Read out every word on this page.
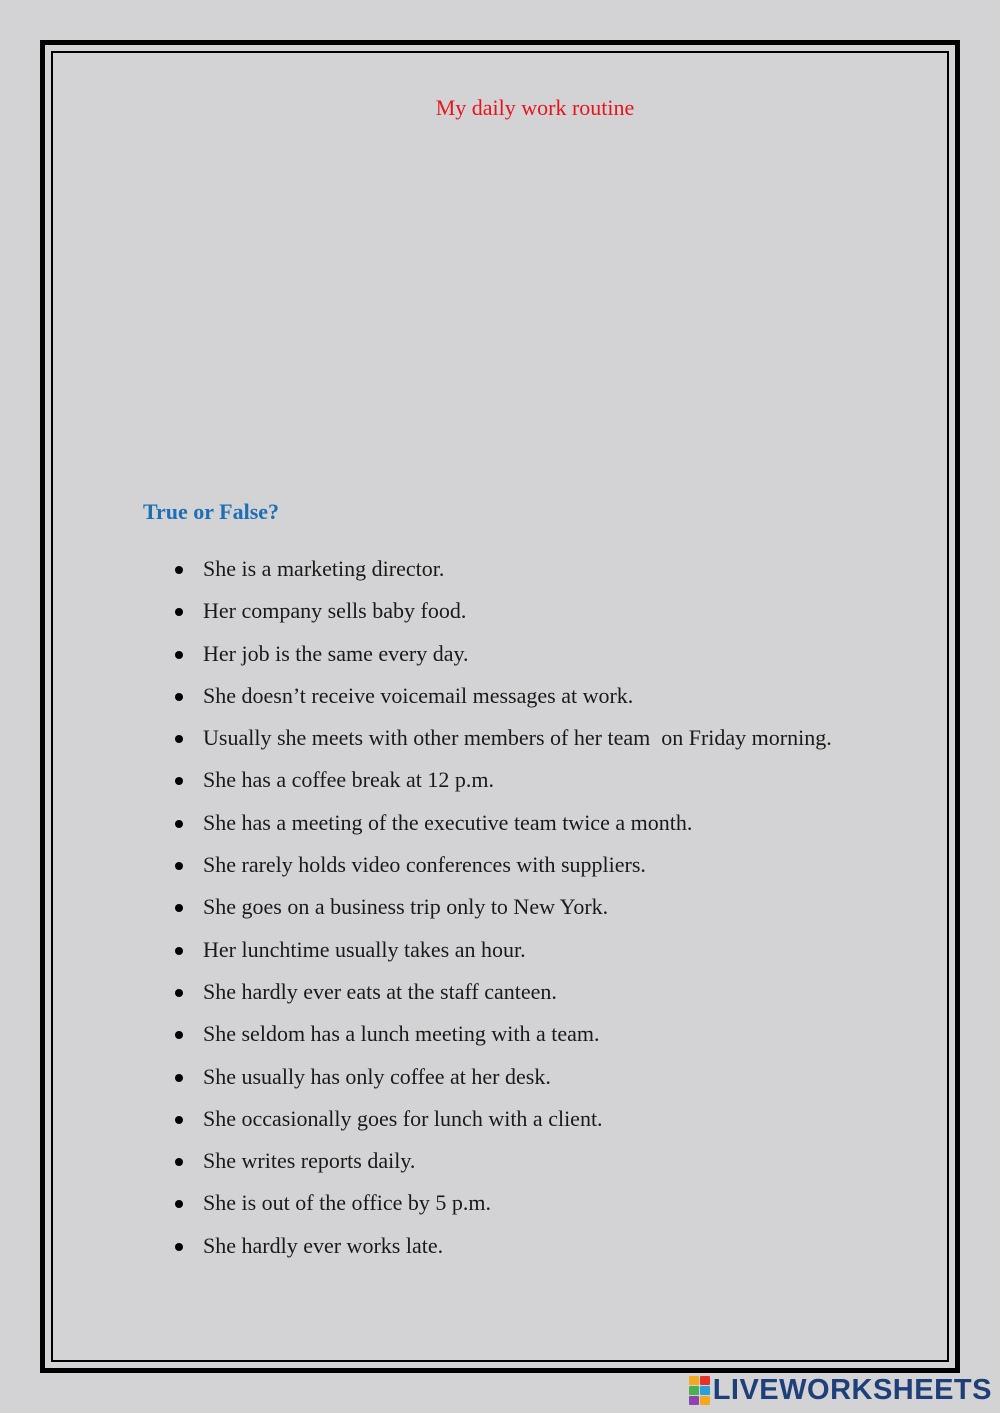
My daily work routine
True or False?
She is a marketing director.
Her company sells baby food.
Her job is the same every day.
She doesn’t receive voicemail messages at work.
Usually she meets with other members of her team  on Friday morning.
She has a coffee break at 12 p.m.
She has a meeting of the executive team twice a month.
She rarely holds video conferences with suppliers.
She goes on a business trip only to New York.
Her lunchtime usually takes an hour.
She hardly ever eats at the staff canteen.
She seldom has a lunch meeting with a team.
She usually has only coffee at her desk.
She occasionally goes for lunch with a client.
She writes reports daily.
She is out of the office by 5 p.m.
She hardly ever works late.
LIVEWORKSHEETS
